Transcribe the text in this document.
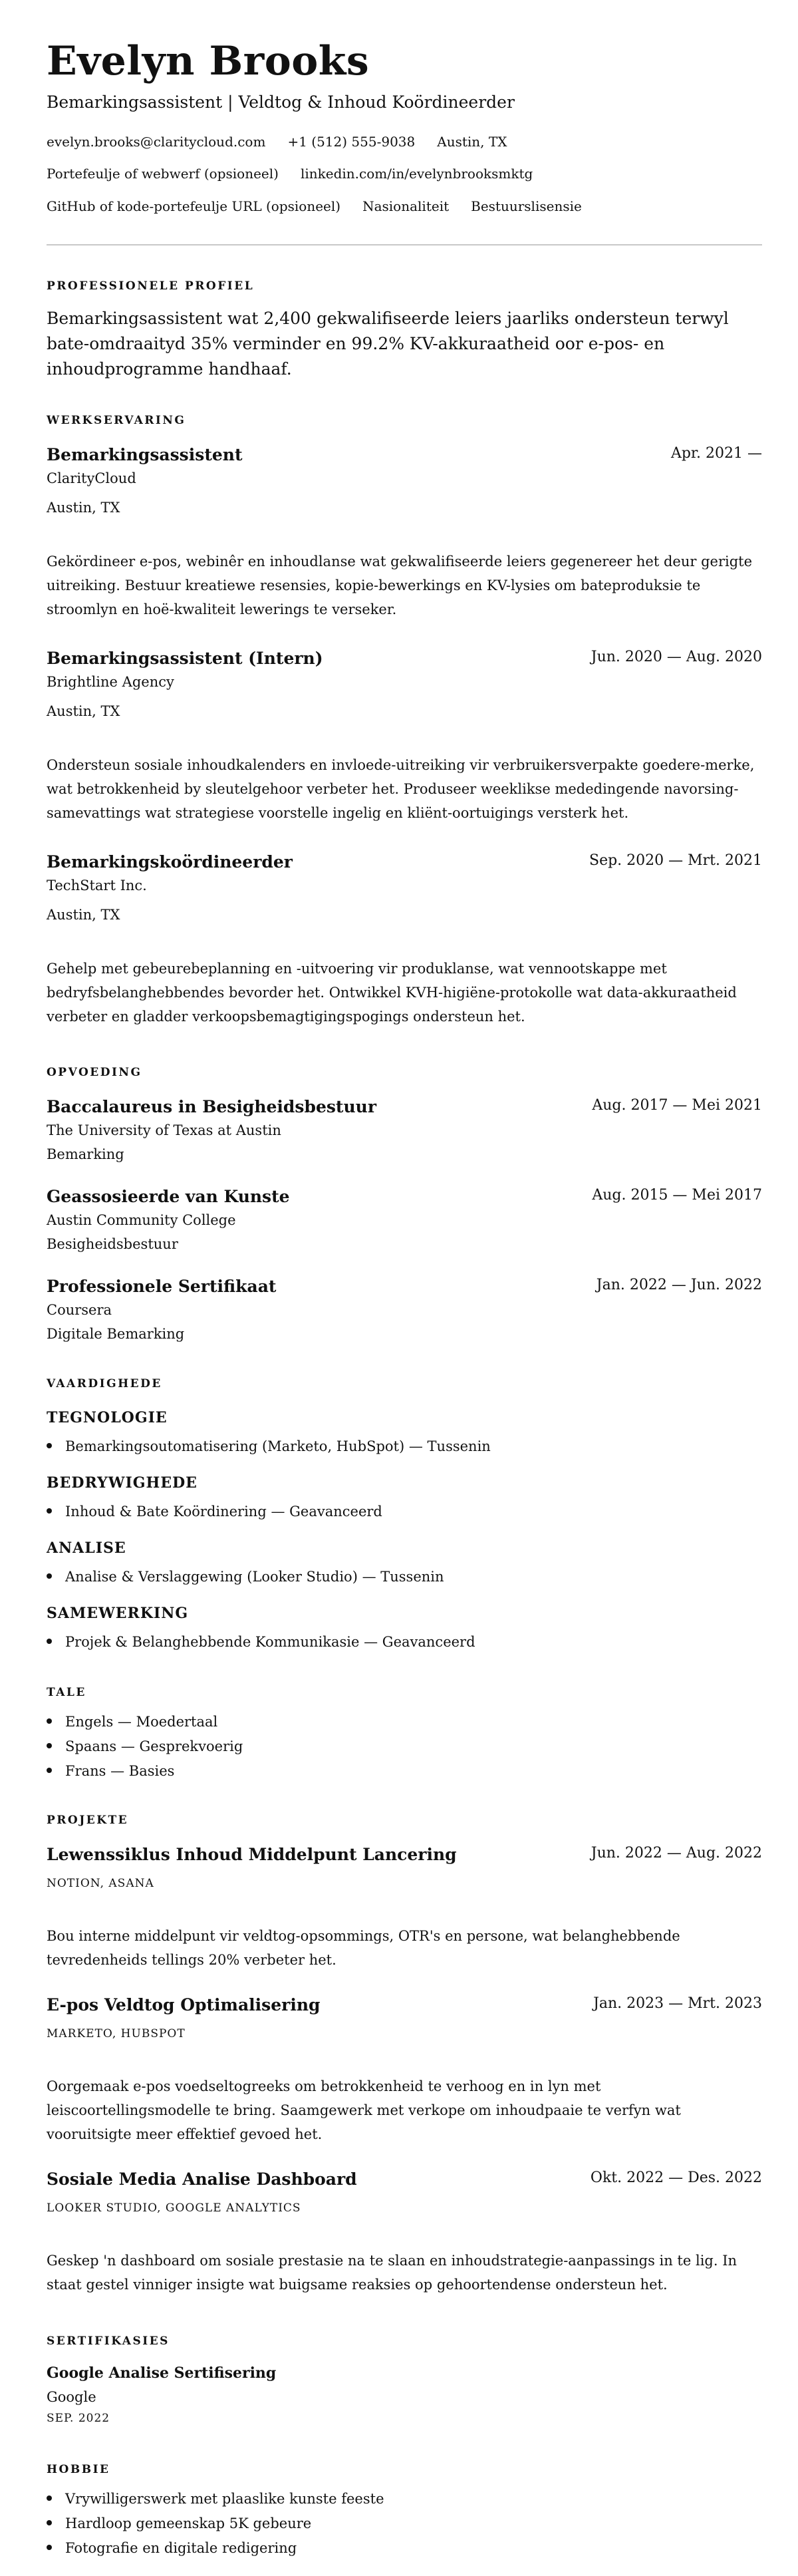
Evelyn Brooks
Bemarkingsassistent | Veldtog & Inhoud Koördineerder
evelyn.brooks@claritycloud.com +1 (512) 555-9038 Austin, TX
Portefeulje of webwerf (opsioneel) linkedin.com/in/evelynbrooksmktg
GitHub of kode-portefeulje URL (opsioneel) Nasionaliteit Bestuurslisensie
PROFESSIONELE PROFIEL
Bemarkingsassistent wat 2,400 gekwalifiseerde leiers jaarliks ondersteun terwyl bate-omdraaityd 35% verminder en 99.2% KV-akkuraatheid oor e-pos- en inhoudprogramme handhaaf.
WERKSERVARING
Bemarkingsassistent	Apr. 2021 —
ClarityCloud
Austin, TX
Gekördineer e-pos, webinêr en inhoudlanse wat gekwalifiseerde leiers gegenereer het deur gerigte uitreiking. Bestuur kreatiewe resensies, kopie-bewerkings en KV-lysies om bateproduksie te stroomlyn en hoë-kwaliteit lewerings te verseker.
Bemarkingsassistent (Intern)	Jun. 2020 — Aug. 2020
Brightline Agency
Austin, TX
Ondersteun sosiale inhoudkalenders en invloede-uitreiking vir verbruikersverpakte goedere-merke, wat betrokkenheid by sleutelgehoor verbeter het. Produseer weeklikse mededingende navorsing-samevattings wat strategiese voorstelle ingelig en kliënt-oortuigings versterk het.
Bemarkingskoördineerder	Sep. 2020 — Mrt. 2021
TechStart Inc.
Austin, TX
Gehelp met gebeurebeplanning en -uitvoering vir produklanse, wat vennootskappe met bedryfsbelanghebbendes bevorder het. Ontwikkel KVH-higiëne-protokolle wat data-akkuraatheid verbeter en gladder verkoopsbemagtigingspogings ondersteun het.
OPVOEDING
Baccalaureus in Besigheidsbestuur	Aug. 2017 — Mei 2021
The University of Texas at Austin
Bemarking
Geassosieerde van Kunste	Aug. 2015 — Mei 2017
Austin Community College
Besigheidsbestuur
Professionele Sertifikaat	Jan. 2022 — Jun. 2022
Coursera
Digitale Bemarking
VAARDIGHEDE
TEGNOLOGIE
Bemarkingsoutomatisering (Marketo, HubSpot) — Tussenin
BEDRYWIGHEDE
Inhoud & Bate Koördinering — Geavanceerd
ANALISE
Analise & Verslaggewing (Looker Studio) — Tussenin
SAMEWERKING
Projek & Belanghebbende Kommunikasie — Geavanceerd
TALE
Engels — Moedertaal
Spaans — Gesprekvoerig
Frans — Basies
PROJEKTE
Lewenssiklus Inhoud Middelpunt Lancering	Jun. 2022 — Aug. 2022
NOTION, ASANA
Bou interne middelpunt vir veldtog-opsommings, OTR's en persone, wat belanghebbende tevredenheids tellings 20% verbeter het.
E-pos Veldtog Optimalisering	Jan. 2023 — Mrt. 2023
MARKETO, HUBSPOT
Oorgemaak e-pos voedseltogreeks om betrokkenheid te verhoog en in lyn met leiscoortellingsmodelle te bring. Saamgewerk met verkope om inhoudpaaie te verfyn wat vooruitsigte meer effektief gevoed het.
Sosiale Media Analise Dashboard	Okt. 2022 — Des. 2022
LOOKER STUDIO, GOOGLE ANALYTICS
Geskep 'n dashboard om sosiale prestasie na te slaan en inhoudstrategie-aanpassings in te lig. In staat gestel vinniger insigte wat buigsame reaksies op gehoortendense ondersteun het.
SERTIFIKASIES
Google Analise Sertifisering
Google
SEP. 2022
HOBBIE
Vrywilligerswerk met plaaslike kunste feeste
Hardloop gemeenskap 5K gebeure
Fotografie en digitale redigering
